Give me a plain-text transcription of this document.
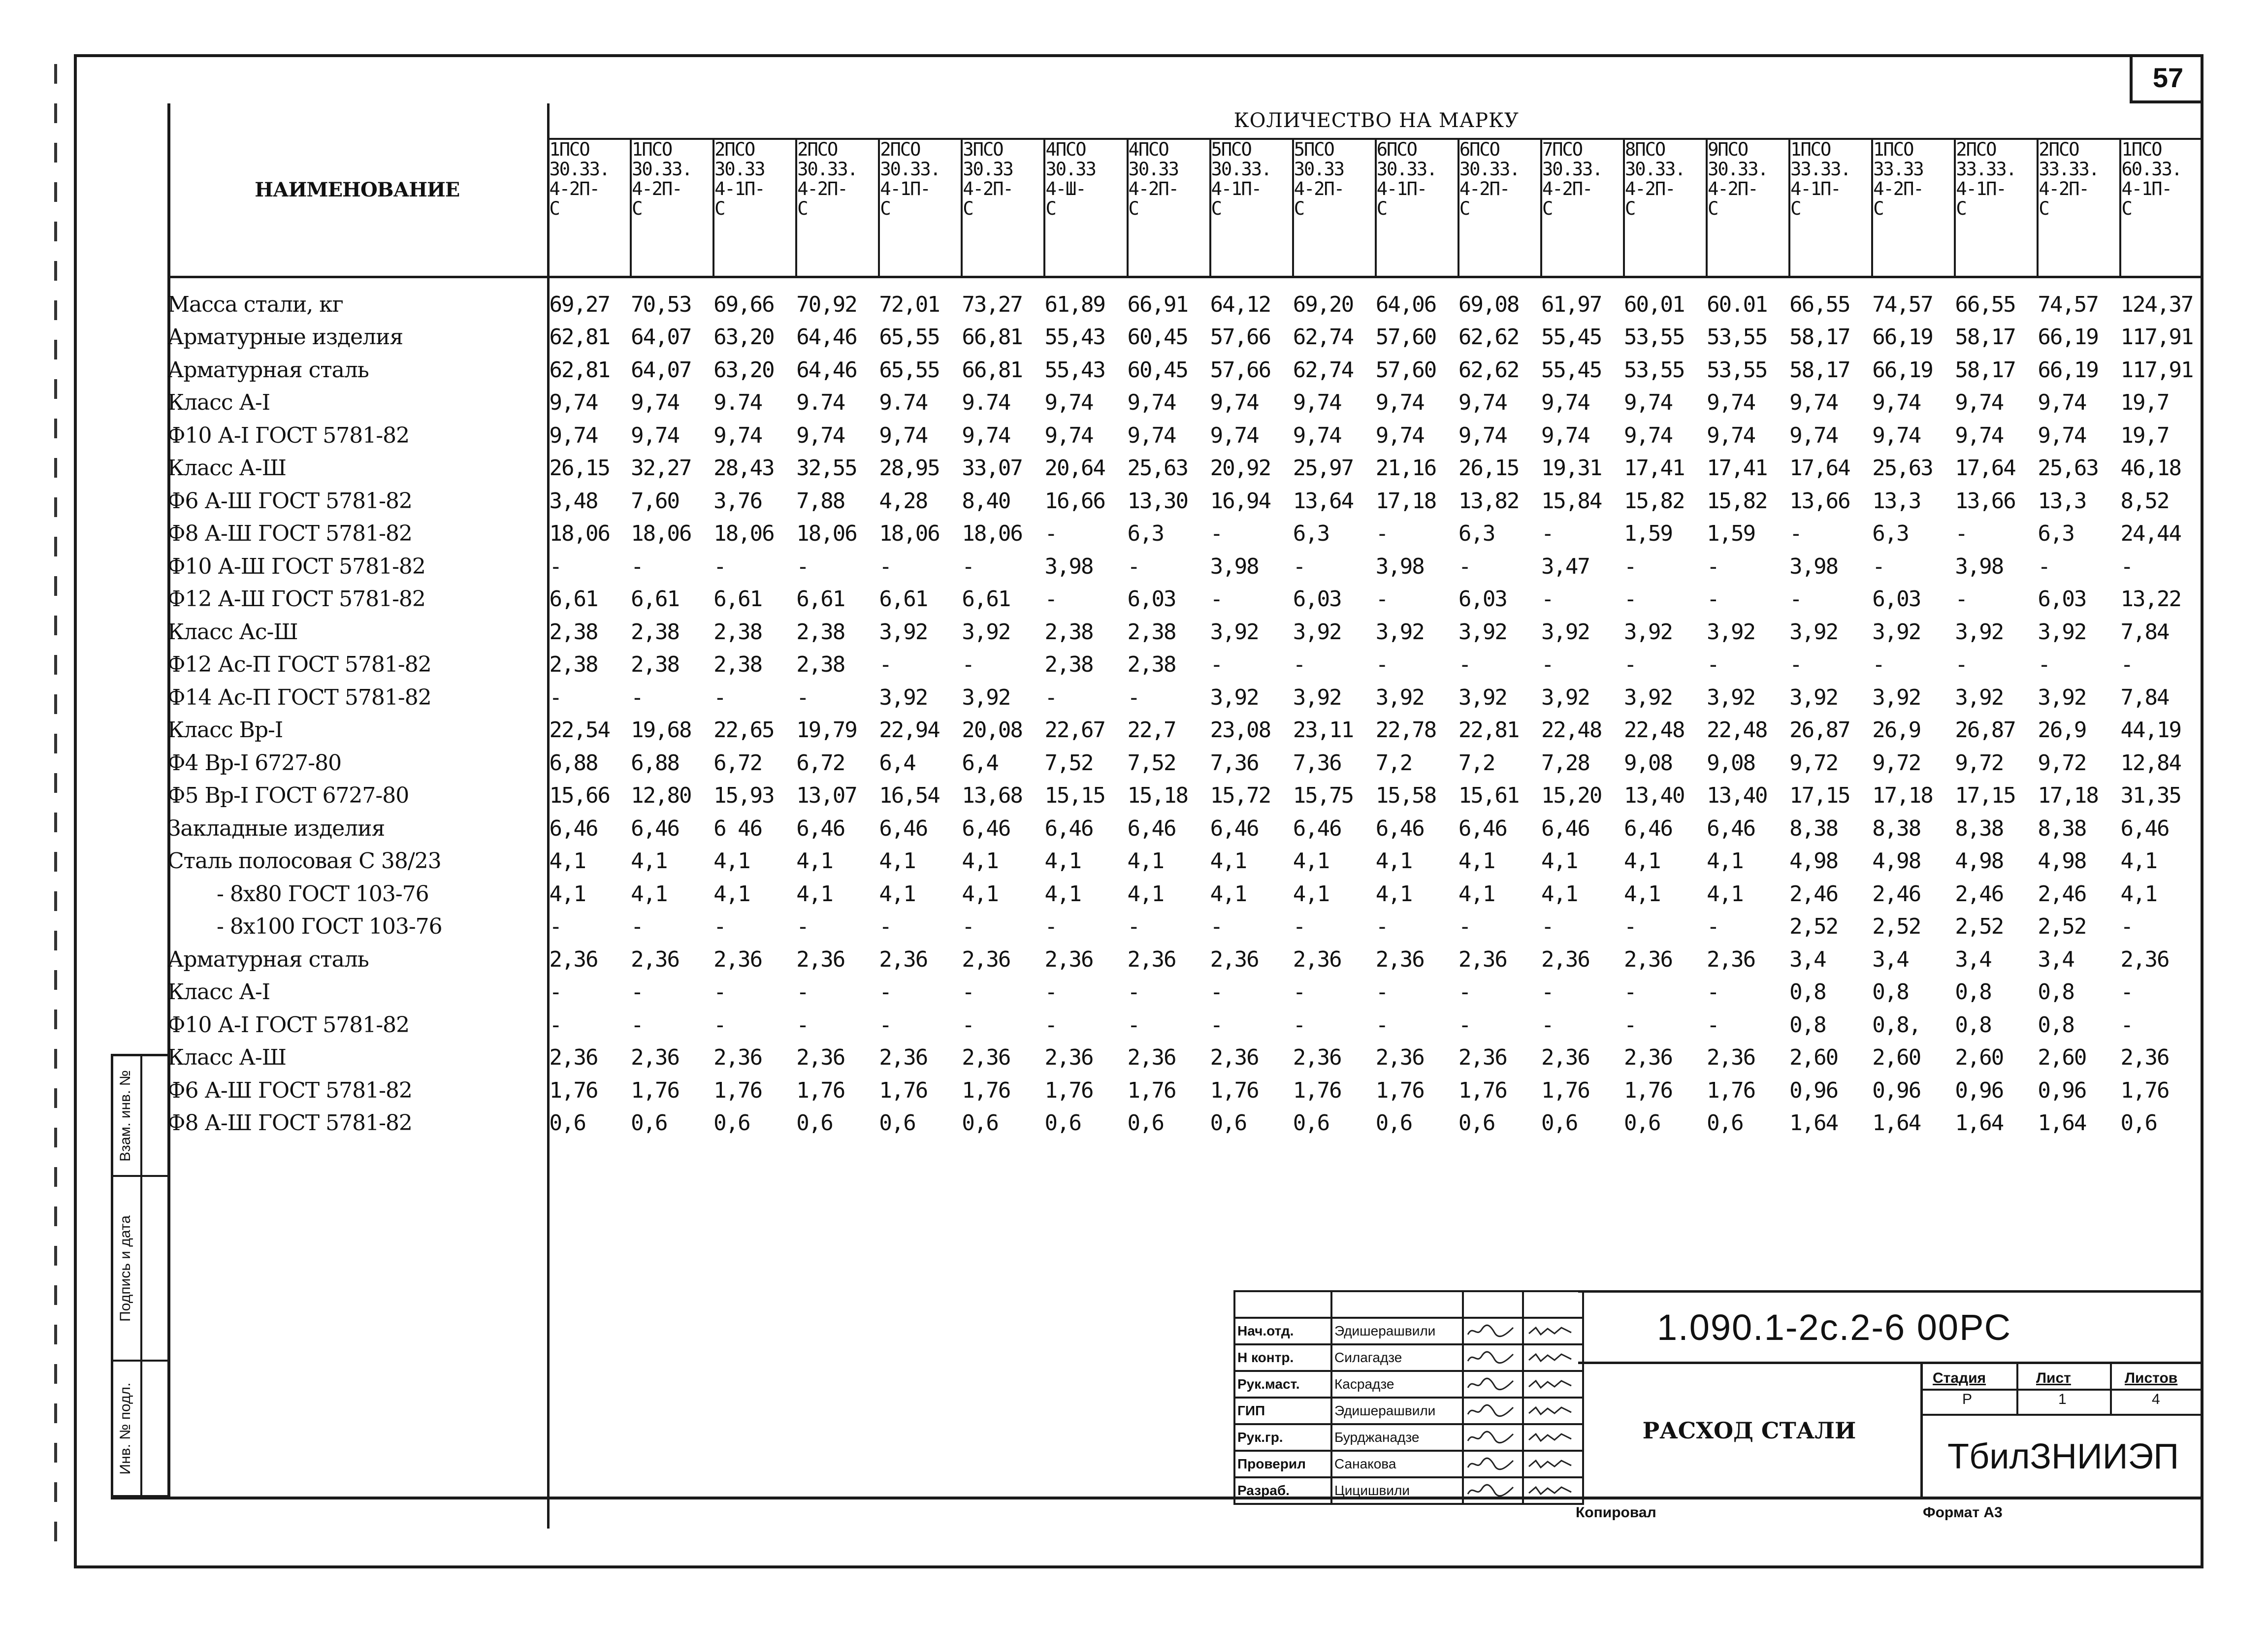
57
Инв. № подл.
Подпись и дата
Взам. инв. №
НАИМЕНОВАНИЕ	КОЛИЧЕСТВО НА МАРКУ																			

	1ПСО
30.33.
4-2П-
С	1ПСО
30.33.
4-2П-
С	2ПСО
30.33
4-1П-
С	2ПСО
30.33.
4-2П-
С	2ПСО
30.33.
4-1П-
С	3ПСО
30.33
4-2П-
С	4ПСО
30.33
4-Ш-
С	4ПСО
30.33
4-2П-
С	5ПСО
30.33.
4-1П-
С	5ПСО
30.33
4-2П-
С	6ПСО
30.33.
4-1П-
С	6ПСО
30.33.
4-2П-
С	7ПСО
30.33.
4-2П-
С	8ПСО
30.33.
4-2П-
С	9ПСО
30.33.
4-2П-
С	1ПСО
33.33.
4-1П-
С	1ПСО
33.33
4-2П-
С	2ПСО
33.33.
4-1П-
С	2ПСО
33.33.
4-2П-
С	1ПСО
60.33.
4-1П-
С

Масса стали, кг	69,27	70,53	69,66	70,92	72,01	73,27	61,89	66,91	64,12	69,20	64,06	69,08	61,97	60,01	60.01	66,55	74,57	66,55	74,57	124,37
Арматурные изделия	62,81	64,07	63,20	64,46	65,55	66,81	55,43	60,45	57,66	62,74	57,60	62,62	55,45	53,55	53,55	58,17	66,19	58,17	66,19	117,91
Арматурная сталь	62,81	64,07	63,20	64,46	65,55	66,81	55,43	60,45	57,66	62,74	57,60	62,62	55,45	53,55	53,55	58,17	66,19	58,17	66,19	117,91
Класс А-I	9,74	9,74	9.74	9.74	9.74	9.74	9,74	9,74	9,74	9,74	9,74	9,74	9,74	9,74	9,74	9,74	9,74	9,74	9,74	19,7
Ф10 А-I ГОСТ 5781-82	9,74	9,74	9,74	9,74	9,74	9,74	9,74	9,74	9,74	9,74	9,74	9,74	9,74	9,74	9,74	9,74	9,74	9,74	9,74	19,7
Класс А-Ш	26,15	32,27	28,43	32,55	28,95	33,07	20,64	25,63	20,92	25,97	21,16	26,15	19,31	17,41	17,41	17,64	25,63	17,64	25,63	46,18
Ф6 А-Ш ГОСТ 5781-82	3,48	7,60	3,76	7,88	4,28	8,40	16,66	13,30	16,94	13,64	17,18	13,82	15,84	15,82	15,82	13,66	13,3	13,66	13,3	8,52
Ф8 А-Ш ГОСТ 5781-82	18,06	18,06	18,06	18,06	18,06	18,06	-	6,3	-	6,3	-	6,3	-	1,59	1,59	-	6,3	-	6,3	24,44
Ф10 А-Ш ГОСТ 5781-82	-	-	-	-	-	-	3,98	-	3,98	-	3,98	-	3,47	-	-	3,98	-	3,98	-	-
Ф12 А-Ш ГОСТ 5781-82	6,61	6,61	6,61	6,61	6,61	6,61	-	6,03	-	6,03	-	6,03	-	-	-	-	6,03	-	6,03	13,22
Класс Ас-Ш	2,38	2,38	2,38	2,38	3,92	3,92	2,38	2,38	3,92	3,92	3,92	3,92	3,92	3,92	3,92	3,92	3,92	3,92	3,92	7,84
Ф12 Ас-П ГОСТ 5781-82	2,38	2,38	2,38	2,38	-	-	2,38	2,38	-	-	-	-	-	-	-	-	-	-	-	-
Ф14 Ас-П ГОСТ 5781-82	-	-	-	-	3,92	3,92	-	-	3,92	3,92	3,92	3,92	3,92	3,92	3,92	3,92	3,92	3,92	3,92	7,84
Класс Вр-I	22,54	19,68	22,65	19,79	22,94	20,08	22,67	22,7	23,08	23,11	22,78	22,81	22,48	22,48	22,48	26,87	26,9	26,87	26,9	44,19
Ф4 Вр-I 6727-80	6,88	6,88	6,72	6,72	6,4	6,4	7,52	7,52	7,36	7,36	7,2	7,2	7,28	9,08	9,08	9,72	9,72	9,72	9,72	12,84
Ф5 Вр-I ГОСТ 6727-80	15,66	12,80	15,93	13,07	16,54	13,68	15,15	15,18	15,72	15,75	15,58	15,61	15,20	13,40	13,40	17,15	17,18	17,15	17,18	31,35
Закладные изделия	6,46	6,46	6 46	6,46	6,46	6,46	6,46	6,46	6,46	6,46	6,46	6,46	6,46	6,46	6,46	8,38	8,38	8,38	8,38	6,46
Сталь полосовая С 38/23	4,1	4,1	4,1	4,1	4,1	4,1	4,1	4,1	4,1	4,1	4,1	4,1	4,1	4,1	4,1	4,98	4,98	4,98	4,98	4,1
- 8х80 ГОСТ 103-76	4,1	4,1	4,1	4,1	4,1	4,1	4,1	4,1	4,1	4,1	4,1	4,1	4,1	4,1	4,1	2,46	2,46	2,46	2,46	4,1
- 8х100 ГОСТ 103-76	-	-	-	-	-	-	-	-	-	-	-	-	-	-	-	2,52	2,52	2,52	2,52	-
Арматурная сталь	2,36	2,36	2,36	2,36	2,36	2,36	2,36	2,36	2,36	2,36	2,36	2,36	2,36	2,36	2,36	3,4	3,4	3,4	3,4	2,36
Класс А-I	-	-	-	-	-	-	-	-	-	-	-	-	-	-	-	0,8	0,8	0,8	0,8	-
Ф10 А-I ГОСТ 5781-82	-	-	-	-	-	-	-	-	-	-	-	-	-	-	-	0,8	0,8,	0,8	0,8	-
Класс А-Ш	2,36	2,36	2,36	2,36	2,36	2,36	2,36	2,36	2,36	2,36	2,36	2,36	2,36	2,36	2,36	2,60	2,60	2,60	2,60	2,36
Ф6 А-Ш ГОСТ 5781-82	1,76	1,76	1,76	1,76	1,76	1,76	1,76	1,76	1,76	1,76	1,76	1,76	1,76	1,76	1,76	0,96	0,96	0,96	0,96	1,76
Ф8 А-Ш ГОСТ 5781-82	0,6	0,6	0,6	0,6	0,6	0,6	0,6	0,6	0,6	0,6	0,6	0,6	0,6	0,6	0,6	1,64	1,64	1,64	1,64	0,6

Нач.отд.	Эдишерашвили	

Н контр.	Силагадзе	

Рук.маст.	Касрадзе	

ГИП	Эдишерашвили	

Рук.гр.	Бурджанадзе	

Проверил	Санакова	

Разраб.	Цицишвили	

1.090.1-2с.2-6 00РС
РАСХОД СТАЛИ
Стадия	Лист	Листов
Р	1	4
ТбилЗНИИЭП
Копировал	Формат А3
